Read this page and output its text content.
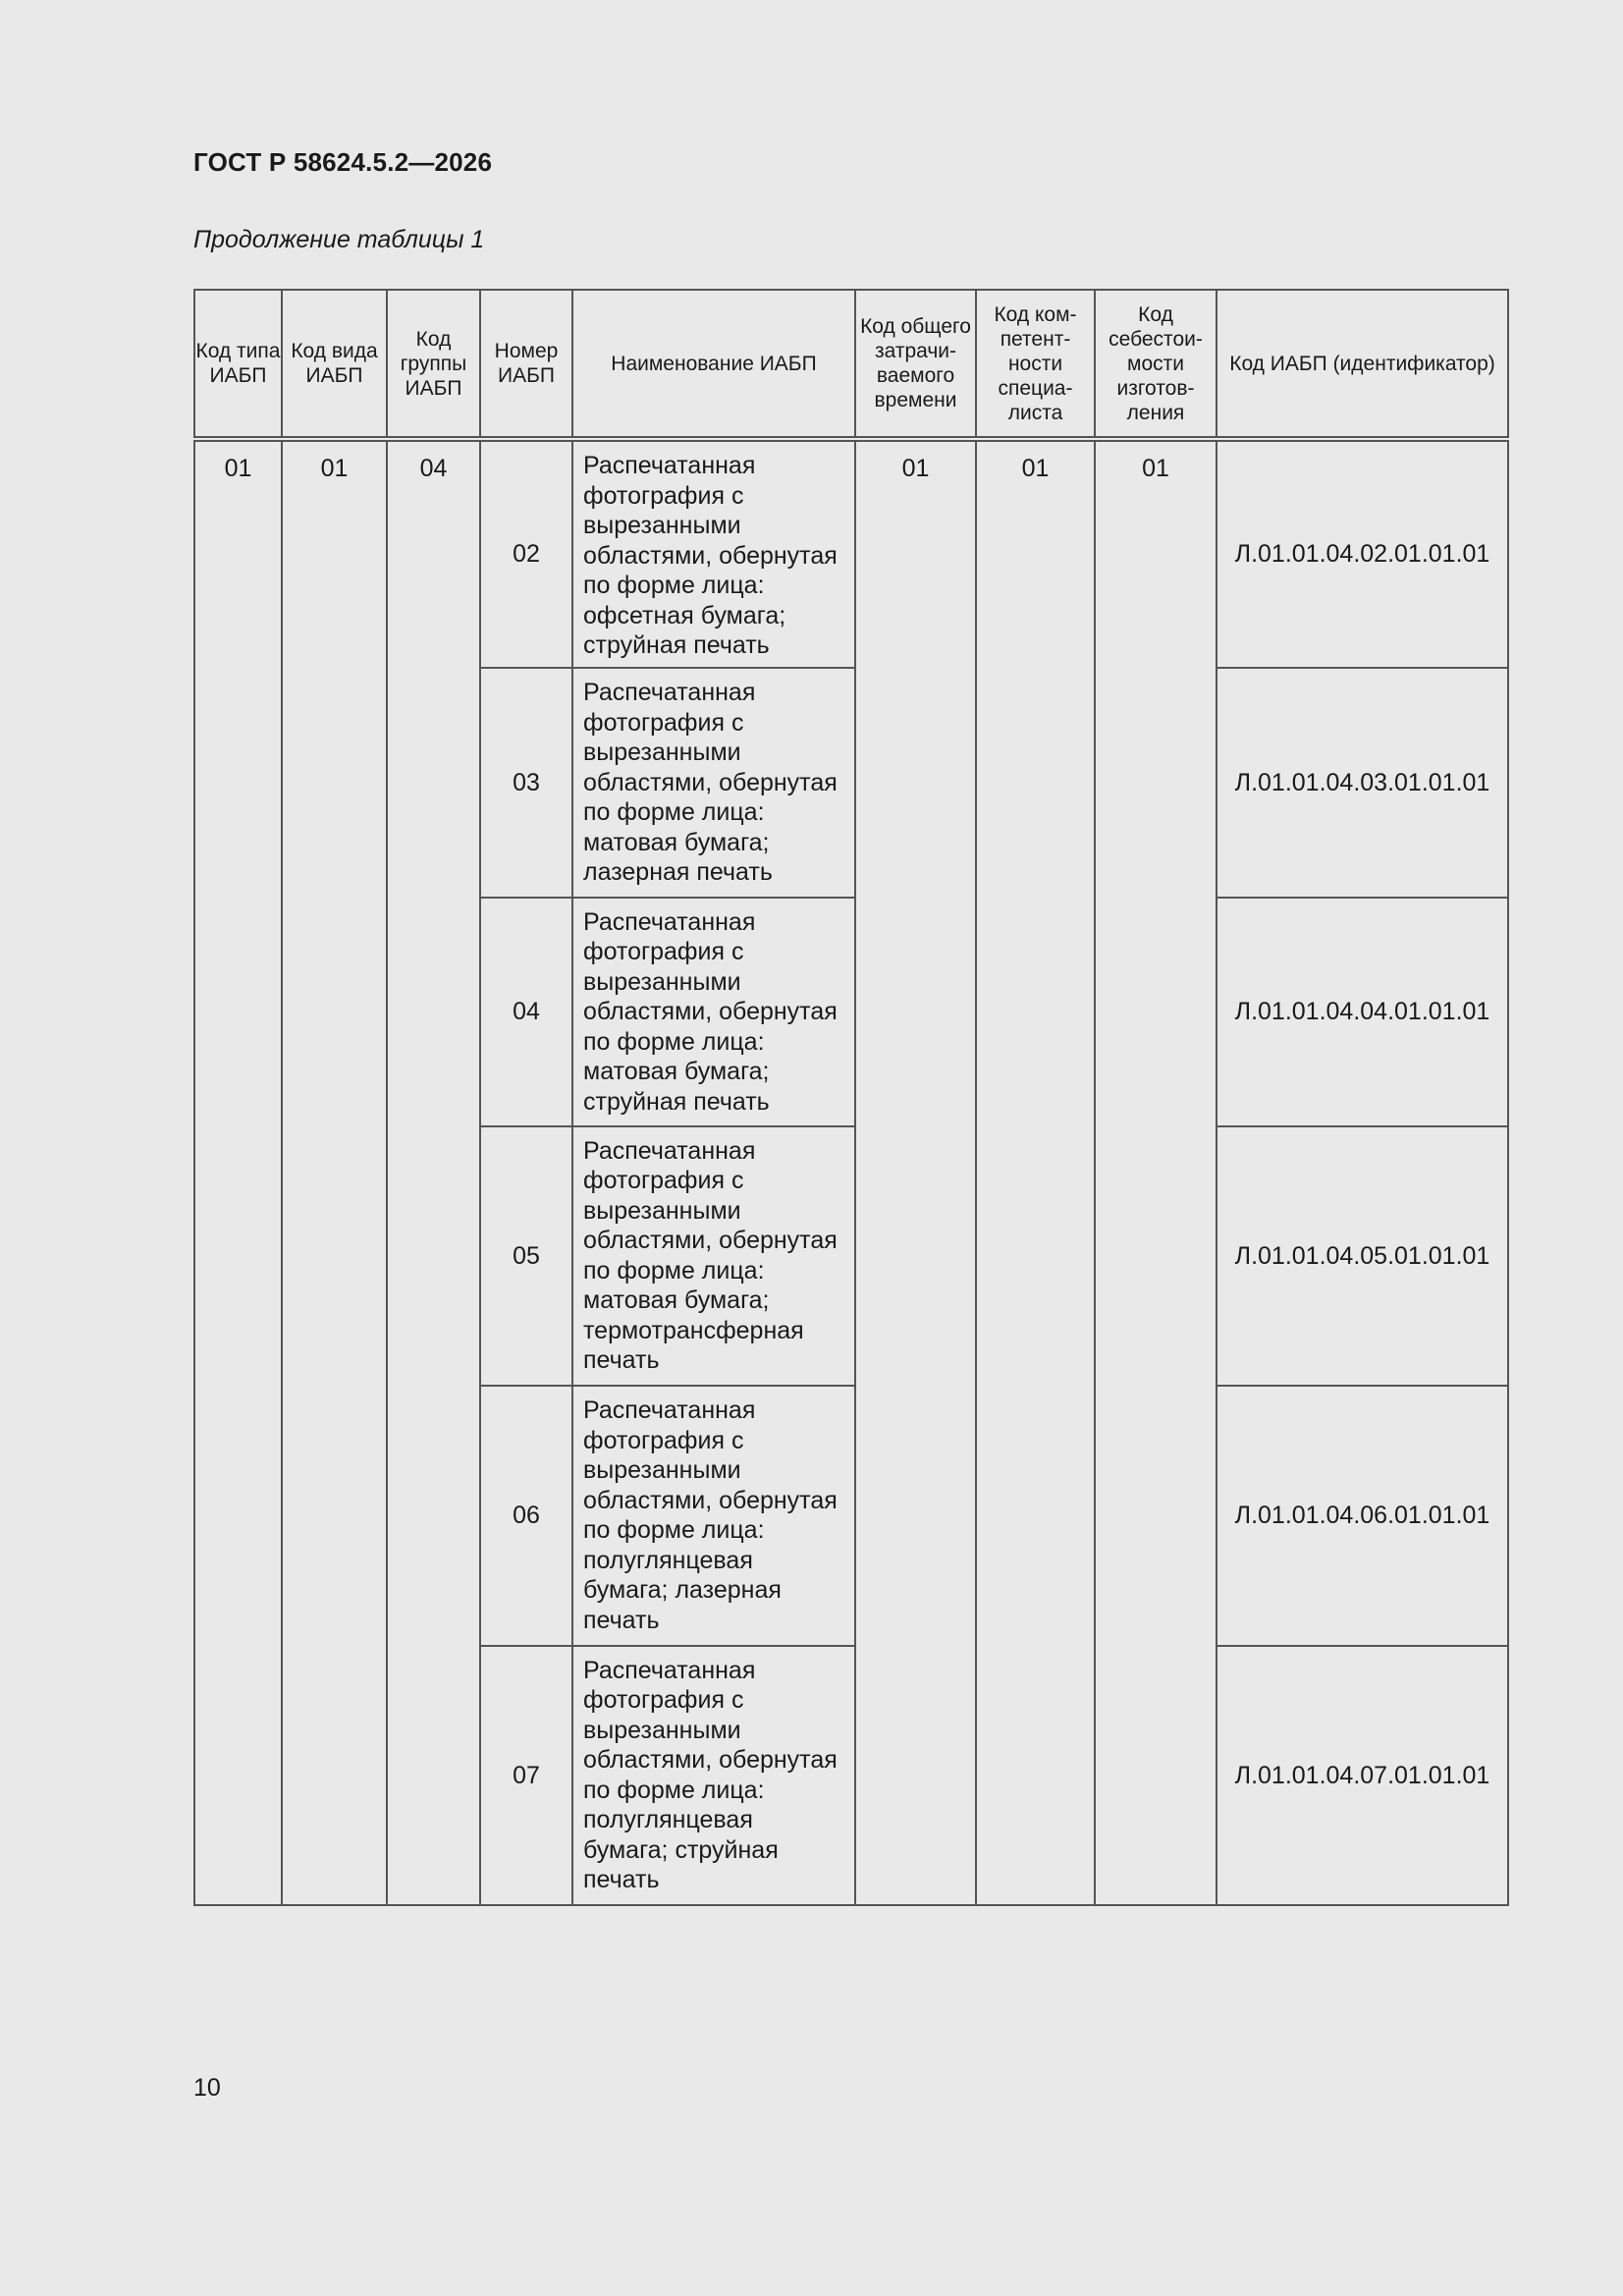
ГОСТ Р 58624.5.2—2026
Продолжение таблицы 1
Код типа ИАБП	Код вида ИАБП	Код группы ИАБП	Номер ИАБП	Наименование ИАБП	Код общего затрачи-ваемого времени	Код ком-петент-ности специа-листа	Код себестои-мости изготов-ления	Код ИАБП (идентификатор)
01	01	04	02	Распечатанная фотография с вырезанными областями, обернутая по форме лица: офсетная бумага; струйная печать	01	01	01	Л.01.01.04.02.01.01.01
			03	Распечатанная фотография с вырезанными областями, обернутая по форме лица: матовая бумага; лазерная печать				Л.01.01.04.03.01.01.01
			04	Распечатанная фотография с вырезанными областями, обернутая по форме лица: матовая бумага; струйная печать				Л.01.01.04.04.01.01.01
			05	Распечатанная фотография с вырезанными областями, обернутая по форме лица: матовая бумага; термотрансферная печать				Л.01.01.04.05.01.01.01
			06	Распечатанная фотография с вырезанными областями, обернутая по форме лица: полуглянцевая бумага; лазерная печать				Л.01.01.04.06.01.01.01
			07	Распечатанная фотография с вырезанными областями, обернутая по форме лица: полуглянцевая бумага; струйная печать				Л.01.01.04.07.01.01.01
10
